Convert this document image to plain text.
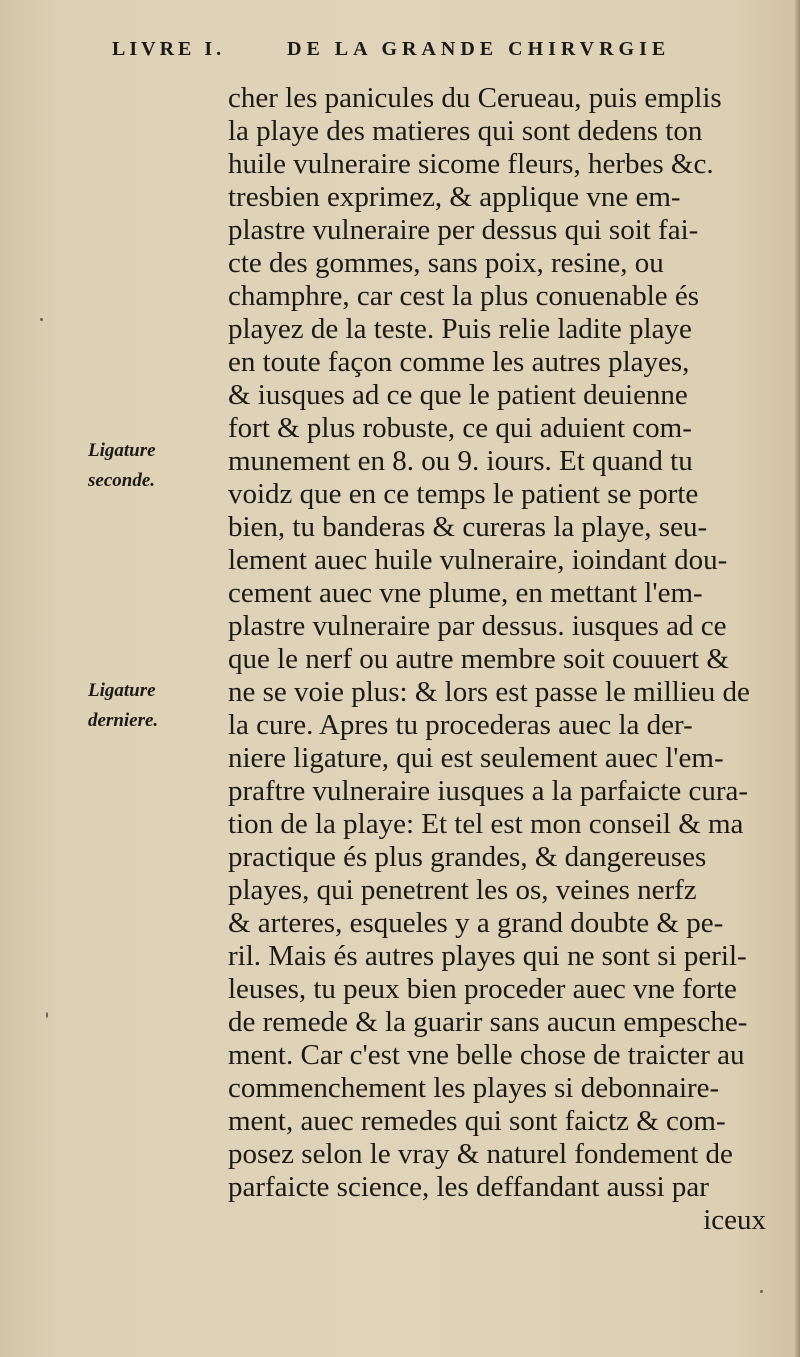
LIVRE I.	DE LA GRANDE CHIRVRGIE
Ligature
seconde.
Ligature
derniere.
cher les panicules du Cerueau, puis emplis
la playe des matieres qui sont dedens ton
huile vulneraire sicome fleurs, herbes &c.
tresbien exprimez, & applique vne em-
plastre vulneraire per dessus qui soit fai-
cte des gommes, sans poix, resine, ou
champhre, car cest la plus conuenable és
playez de la teste. Puis relie ladite playe
en toute façon comme les autres playes,
& iusques ad ce que le patient deuienne
fort & plus robuste, ce qui aduient com-
munement en 8. ou 9. iours. Et quand tu
voidz que en ce temps le patient se porte
bien, tu banderas & cureras la playe, seu-
lement auec huile vulneraire, ioindant dou-
cement auec vne plume, en mettant l'em-
plastre vulneraire par dessus. iusques ad ce
que le nerf ou autre membre soit couuert &
ne se voie plus: & lors est passe le millieu de
la cure. Apres tu procederas auec la der-
niere ligature, qui est seulement auec l'em-
praftre vulneraire iusques a la parfaicte cura-
tion de la playe: Et tel est mon conseil & ma
practique és plus grandes, & dangereuses
playes, qui penetrent les os, veines nerfz
& arteres, esqueles y a grand doubte & pe-
ril. Mais és autres playes qui ne sont si peril-
leuses, tu peux bien proceder auec vne forte
de remede & la guarir sans aucun empesche-
ment. Car c'est vne belle chose de traicter au
commenchement les playes si debonnaire-
ment, auec remedes qui sont faictz & com-
posez selon le vray & naturel fondement de
parfaicte science, les deffandant aussi par
iceux
